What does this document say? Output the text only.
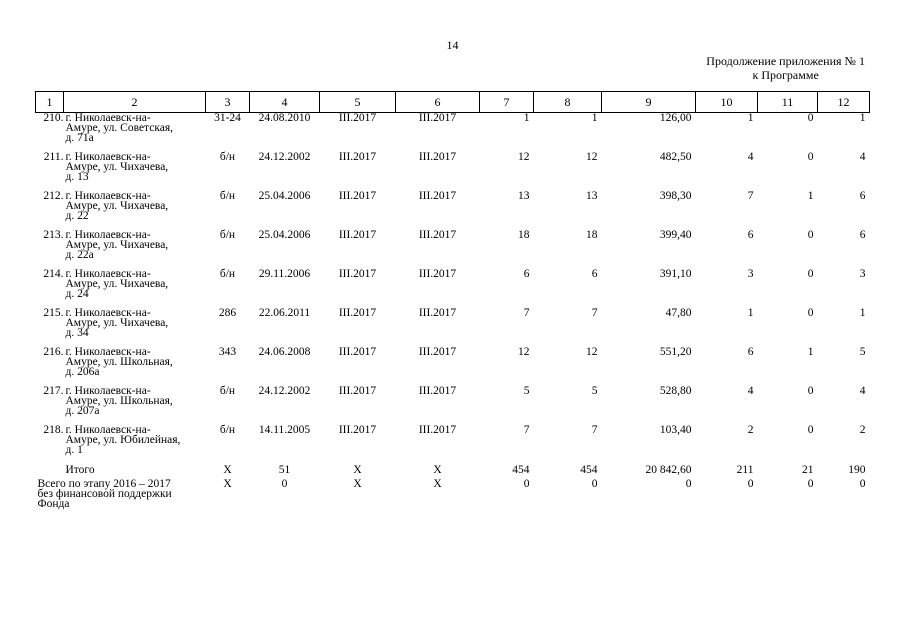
14
Продолжение приложения № 1
к Программе
1	2	3	4	5	6	7	8	9	10	11	12
210.	г. Николаевск-на-
Амуре, ул. Советская,
д. 71а	31-24	24.08.2010	III.2017	III.2017	1	1	126,00	1	0	1
211.	г. Николаевск-на-
Амуре, ул. Чихачева,
д. 13	б/н	24.12.2002	III.2017	III.2017	12	12	482,50	4	0	4
212.	г. Николаевск-на-
Амуре, ул. Чихачева,
д. 22	б/н	25.04.2006	III.2017	III.2017	13	13	398,30	7	1	6
213.	г. Николаевск-на-
Амуре, ул. Чихачева,
д. 22а	б/н	25.04.2006	III.2017	III.2017	18	18	399,40	6	0	6
214.	г. Николаевск-на-
Амуре, ул. Чихачева,
д. 24	б/н	29.11.2006	III.2017	III.2017	6	6	391,10	3	0	3
215.	г. Николаевск-на-
Амуре, ул. Чихачева,
д. 34	286	22.06.2011	III.2017	III.2017	7	7	47,80	1	0	1
216.	г. Николаевск-на-
Амуре, ул. Школьная,
д. 206а	343	24.06.2008	III.2017	III.2017	12	12	551,20	6	1	5
217.	г. Николаевск-на-
Амуре, ул. Школьная,
д. 207а	б/н	24.12.2002	III.2017	III.2017	5	5	528,80	4	0	4
218.	г. Николаевск-на-
Амуре, ул. Юбилейная,
д. 1	б/н	14.11.2005	III.2017	III.2017	7	7	103,40	2	0	2
	Итого	X	51	X	X	454	454	20 842,60	211	21	190

Всего по этапу 2016 – 2017
без финансовой поддержки
Фонда		X	0	X	X	0	0	0	0	0	0
